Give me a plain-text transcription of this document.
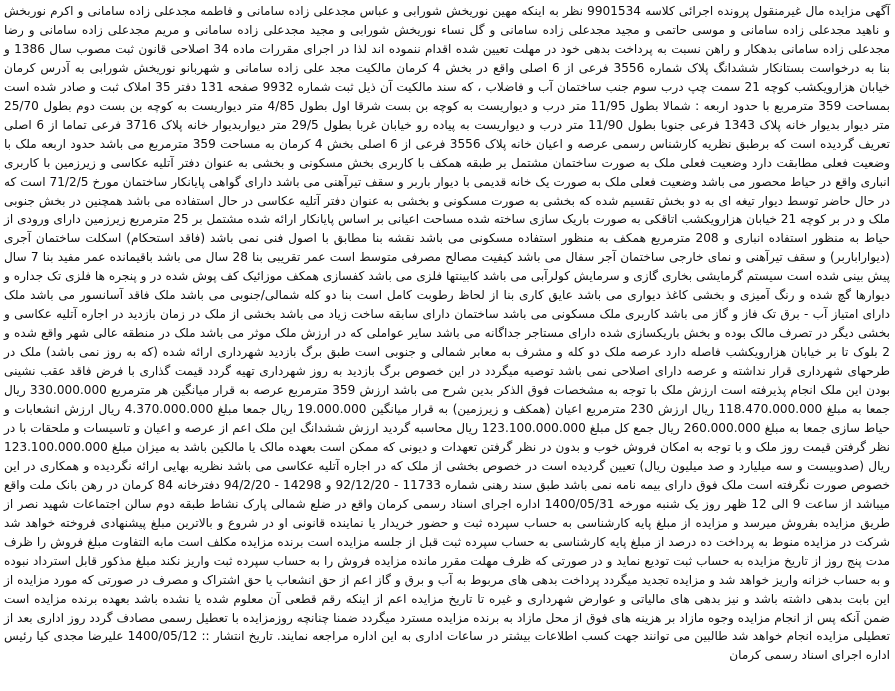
آگهی مزایده مال غیرمنقول پرونده اجرائی کلاسه 9901534 نظر به اینکه مهین نوریخش شورابی و عباس مجدعلی زاده سامانی و فاطمه مجدعلی زاده سامانی و اکرم نوربخش و ناهید مجدعلی زاده سامانی و موسی حاتمی و مجید مجدعلی زاده سامانی و گل نساء نوریخش شورابی و مجید مجدعلی زاده سامانی و مریم مجدعلی زاده سامانی و رضا مجدعلی زاده سامانی بدهکار و راهن نسبت به پرداخت بدهی خود در مهلت تعیین شده اقدام ننموده اند لذا در اجرای مقررات ماده 34 اصلاحی قانون ثبت مصوب سال 1386 و بنا به درخواست بستانکار ششدانگ پلاک شماره 3556 فرعی از 6 اصلی واقع در بخش 4 کرمان مالکیت مجد علی زاده سامانی و شهربانو نوریخش شورابی به آدرس کرمان خیابان هزارویکشب کوچه 21 سمت چپ درب سوم جنب ساختمان آب و فاضلاب ، که سند مالکیت آن ذیل ثبت شماره 9932 صفحه 131 دفتر 35 املاک ثبت و صادر شده است بمساحت 359 مترمربع با حدود اربعه : شمالا بطول 11/95 متر درب و دیواریست به کوچه بن بست شرقا اول بطول 4/85 متر دیواریست به کوچه بن بست دوم بطول 25/70 متر دیوار بدیوار خانه پلاک 1343 فرعی جنوبا بطول 11/90 متر درب و دیواریست به پیاده رو خیابان غربا بطول 29/5 متر دیواربدیوار خانه پلاک 3716 فرعی تماما از 6 اصلی تعریف گردیده است که برطبق نظریه کارشناس رسمی عرصه و اعیان خانه پلاک 3556 فرعی از 6 اصلی بخش 4 کرمان به مساحت 359 مترمربع می باشد حدود اربعه ملک با وضعیت فعلی مطابقت دارد وضعیت فعلی ملک به صورت ساختمان مشتمل بر طبقه همکف با کاربری بخش مسکونی و بخشی به عنوان دفتر آتلیه عکاسی و زیرزمین با کاربری انباری واقع در حیاط محصور می باشد وضعیت فعلی ملک به صورت یک خانه قدیمی با دیوار باربر و سقف تیرآهنی می باشد دارای گواهی پایانکار ساختمان مورخ 71/2/5 است که در حال حاضر توسط دیوار تیغه ای به دو بخش تقسیم شده که بخشی به صورت مسکونی و بخشی به عنوان دفتر آتلیه عکاسی در حال استفاده می باشد همچنین در بخش جنوبی ملک و در بر کوچه 21 خیابان هزارویکشب اتاقکی به صورت باریک سازی ساخته شده مساحت اعیانی بر اساس پایانکار ارائه شده مشتمل بر 25 مترمربع زیرزمین دارای ورودی از حیاط به منظور استفاده انباری و 208 مترمربع همکف به منظور استفاده مسکونی می باشد نقشه بنا مطابق با اصول فنی نمی باشد (فاقد استحکام) اسکلت ساختمان آجری (دیواراباربر) و سقف تیرآهنی و نمای خارجی ساختمان آجر سفال می باشد کیفیت مصالح مصرفی متوسط است عمر تقریبی بنا 28 سال می باشد باقیمانده عمر مفید بنا 7 سال پیش بینی شده است سیستم گرمایشی بخاری گازی و سرمایش کولرآبی می باشد کابینتها فلزی می باشد کفسازی همکف موزائیک کف پوش شده در و پنجره ها فلزی تک جداره و دیوارها گچ شده و رنگ آمیزی و بخشی کاغذ دیواری می باشد عایق کاری بنا از لحاظ رطوبت کامل است بنا دو کله شمالی/جنوبی می باشد ملک فاقد آسانسور می باشد ملک دارای امتیاز آب - برق تک فاز و گاز می باشد کاربری ملک مسکونی می باشد ساختمان دارای سابقه ساخت زیاد می باشد بخشی از ملک در زمان بازدید در اجاره آتلیه عکاسی و بخشی دیگر در تصرف مالک بوده و بخش باریکسازی شده دارای مستاجر جداگانه می باشد سایر عواملی که در ارزش ملک موثر می باشد ملک در منطقه عالی شهر واقع شده و 2 بلوک تا بر خیابان هزارویکشب فاصله دارد عرصه ملک دو کله و مشرف به معابر شمالی و جنوبی است طبق برگ بازدید شهرداری ارائه شده (که به روز نمی باشد) ملک در طرحهای شهرداری قرار نداشته و عرصه دارای اصلاحی نمی باشد توصیه میگردد در این خصوص برگ بازدید به روز شهرداری تهیه گردد قیمت گذاری با فرض فاقد عقب نشینی بودن این ملک انجام پذیرفته است ارزش ملک با توجه به مشخصات فوق الذکر بدین شرح می باشد ارزش 359 مترمربع عرصه به قرار میانگین هر مترمربع 330.000.000 ریال جمعا به مبلغ 118.470.000.000 ریال ارزش 230 مترمربع اعیان (همکف و زیرزمین) به قرار میانگین 19.000.000 ریال جمعا مبلغ 4.370.000.000 ریال ارزش انشعابات و حیاط سازی جمعا به مبلغ 260.000.000 ریال جمع کل مبلغ 123.100.000.000 ریال محاسبه گردید ارزش ششدانگ این ملک اعم از عرصه و اعیان و تاسیسات و ملحقات با در نظر گرفتن قیمت روز ملک و با توجه به امکان فروش خوب و بدون در نظر گرفتن تعهدات و دیونی که ممکن است بعهده مالک یا مالکین باشد به میزان مبلغ 123.100.000.000 ریال (صدوبیست و سه میلیارد و صد میلیون ریال) تعیین گردیده است در خصوص بخشی از ملک که در اجاره آتلیه عکاسی می باشد نظریه بهایی ارائه نگردیده و همکاری در این خصوص صورت نگرفته است ملک فوق دارای بیمه نامه نمی باشد طبق سند رهنی شماره 11733 - 92/12/20 و 14298 - 94/2/20 دفترخانه 84 کرمان در رهن بانک ملت واقع میباشد از ساعت 9 الی 12 ظهر روز یک شنبه مورخه 1400/05/31 اداره اجرای اسناد رسمی کرمان واقع در ضلع شمالی پارک نشاط طبقه دوم سالن اجتماعات شهید نصر از طریق مزایده بفروش میرسد و مزایده از مبلغ پایه کارشناسی به حساب سپرده ثبت و حضور خریدار یا نماینده قانونی او در شروع و بالاترین مبلغ پیشنهادی فروخته خواهد شد شرکت در مزایده منوط به پرداخت ده درصد از مبلغ پایه کارشناسی به حساب سپرده ثبت قبل از جلسه مزایده است برنده مزایده مکلف است مابه التفاوت مبلغ فروش را ظرف مدت پنج روز از تاریخ مزایده به حساب ثبت تودیع نماید و در صورتی که ظرف مهلت مقرر مانده مزایده فروش را به حساب سپرده ثبت واریز نکند مبلغ مذکور قابل استرداد نبوده و به حساب خزانه واریز خواهد شد و مزایده تجدید میگردد پرداخت بدهی های مربوط به آب و برق و گاز اعم از حق انشعاب یا حق اشتراک و مصرف در صورتی که مورد مزایده از این بابت بدهی داشته باشد و نیز بدهی های مالیاتی و عوارض شهرداری و غیره تا تاریخ مزایده اعم از اینکه رقم قطعی آن معلوم شده یا نشده باشد بعهده برنده مزایده است ضمن آنکه پس از انجام مزایده وجوه مازاد بر هزینه های فوق از محل مازاد به برنده مزایده مسترد میگردد ضمنا چنانچه روزمزایده با تعطیل رسمی مصادف گردد روز اداری بعد از تعطیلی مزایده انجام خواهد شد طالبین می توانند جهت کسب اطلاعات بیشتر در ساعات اداری به این اداره مراجعه نمایند. تاریخ انتشار :: 1400/05/12 علیرضا مجدی کیا رئیس اداره اجرای اسناد رسمی کرمان
